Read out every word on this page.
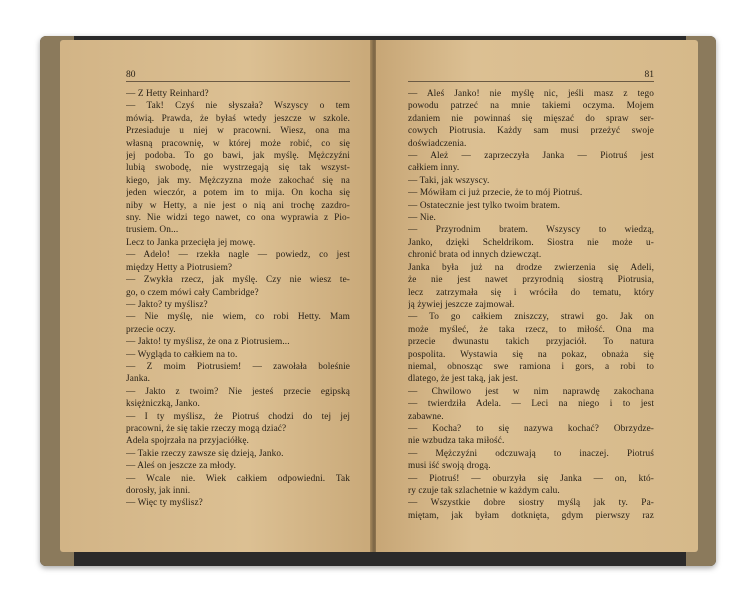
80
— Z Hetty Reinhard?
— Tak! Czyś nie słyszała? Wszyscy o tem
mówią. Prawda, że byłaś wtedy jeszcze w szkole.
Przesiaduje u niej w pracowni. Wiesz, ona ma
własną pracownię, w której może robić, co się
jej podoba. To go bawi, jak myślę. Mężczyźni
lubią swobodę, nie wystrzegają się tak wszyst-
kiego, jak my. Mężczyzna może zakochać się na
jeden wieczór, a potem im to mija. On kocha się
niby w Hetty, a nie jest o nią ani trochę zazdro-
sny. Nie widzi tego nawet, co ona wyprawia z Pio-
trusiem. On...
Lecz to Janka przecięła jej mowę.
— Adelo! — rzekła nagle — powiedz, co jest
między Hetty a Piotrusiem?
— Zwykła rzecz, jak myślę. Czy nie wiesz te-
go, o czem mówi cały Cambridge?
— Jakto? ty myślisz?
— Nie myślę, nie wiem, co robi Hetty. Mam
przecie oczy.
— Jakto! ty myślisz, że ona z Piotrusiem...
— Wygląda to całkiem na to.
— Z moim Piotrusiem! — zawołała boleśnie
Janka.
— Jakto z twoim? Nie jesteś przecie egipską
księżniczką, Janko.
— I ty myślisz, że Piotruś chodzi do tej jej
pracowni, że się takie rzeczy mogą dziać?
Adela spojrzała na przyjaciółkę.
— Takie rzeczy zawsze się dzieją, Janko.
— Aleś on jeszcze za młody.
— Wcale nie. Wiek całkiem odpowiedni. Tak
dorosły, jak inni.
— Więc ty myślisz?
81
— Aleś Janko! nie myślę nic, jeśli masz z tego
powodu patrzeć na mnie takiemi oczyma. Mojem
zdaniem nie powinnaś się mięszać do spraw ser-
cowych Piotrusia. Każdy sam musi przeżyć swoje
doświadczenia.
— Ależ — zaprzeczyła Janka — Piotruś jest
całkiem inny.
— Taki, jak wszyscy.
— Mówiłam ci już przecie, że to mój Piotruś.
— Ostatecznie jest tylko twoim bratem.
— Nie.
— Przyrodnim bratem. Wszyscy to wiedzą,
Janko, dzięki Scheldrikom. Siostra nie może u-
chronić brata od innych dziewcząt.
Janka była już na drodze zwierzenia się Adeli,
że nie jest nawet przyrodnią siostrą Piotrusia,
lecz zatrzymała się i wróciła do tematu, który
ją żywiej jeszcze zajmował.
— To go całkiem zniszczy, strawi go. Jak on
może myśleć, że taka rzecz, to miłość. Ona ma
przecie dwunastu takich przyjaciół. To natura
pospolita. Wystawia się na pokaz, obnaża się
niemal, obnosząc swe ramiona i gors, a robi to
dlatego, że jest taką, jak jest.
— Chwilowo jest w nim naprawdę zakochana
— twierdziła Adela. — Leci na niego i to jest
zabawne.
— Kocha? to się nazywa kochać? Obrzydze-
nie wzbudza taka miłość.
— Mężczyźni odczuwają to inaczej. Piotruś
musi iść swoją drogą.
— Piotruś! — oburzyła się Janka — on, któ-
ry czuje tak szlachetnie w każdym calu.
— Wszystkie dobre siostry myślą jak ty. Pa-
miętam, jak byłam dotknięta, gdym pierwszy raz
